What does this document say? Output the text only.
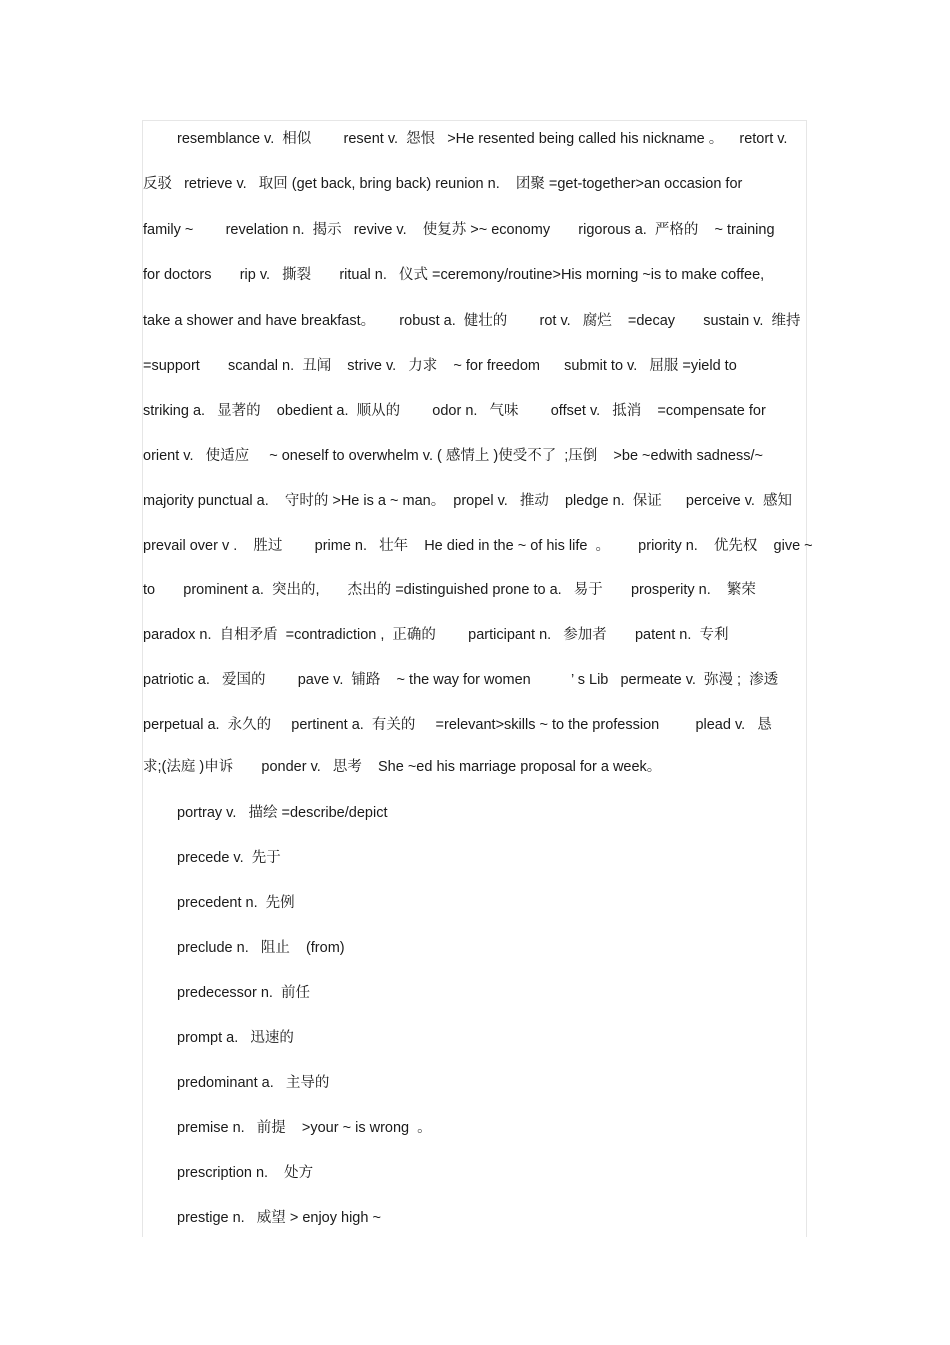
resemblance v.  相似        resent v.  怨恨   >He resented being called his nickname 。    retort v.
反驳   retrieve v.   取回 (get back, bring back) reunion n.    团聚 =get-together>an occasion for
family ~        revelation n.  揭示   revive v.    使复苏 >~ economy       rigorous a.  严格的    ~ training
for doctors       rip v.   撕裂       ritual n.   仪式 =ceremony/routine>His morning ~is to make coffee,
take a shower and have breakfast。      robust a.  健壮的        rot v.   腐烂    =decay       sustain v.  维持
=support       scandal n.  丑闻    strive v.   力求    ~ for freedom      submit to v.   屈服 =yield to
striking a.   显著的    obedient a.  顺从的        odor n.   气味        offset v.   抵消    =compensate for
orient v.   使适应     ~ oneself to overwhelm v. ( 感情上 )使受不了  ;压倒    >be ~edwith sadness/~
majority punctual a.    守时的 >He is a ~ man。  propel v.   推动    pledge n.  保证      perceive v.  感知
prevail over v .    胜过        prime n.   壮年    He died in the ~ of his life  。       priority n.    优先权    give ~
to       prominent a.  突出的,       杰出的 =distinguished prone to a.   易于       prosperity n.    繁荣
paradox n.  自相矛盾  =contradiction ,  正确的        participant n.   参加者       patent n.  专利
patriotic a.   爱国的        pave v.  铺路    ~ the way for women          ’ s Lib   permeate v.  弥漫 ;  渗透
perpetual a.  永久的     pertinent a.  有关的     =relevant>skills ~ to the profession         plead v.   恳
求;(法庭 )申诉       ponder v.   思考    She ~ed his marriage proposal for a week。
portray v.   描绘 =describe/depict
precede v.  先于
precedent n.  先例
preclude n.   阻止    (from)
predecessor n.  前任
prompt a.   迅速的
predominant a.   主导的
premise n.   前提    >your ~ is wrong  。
prescription n.    处方
prestige n.   威望 > enjoy high ~
